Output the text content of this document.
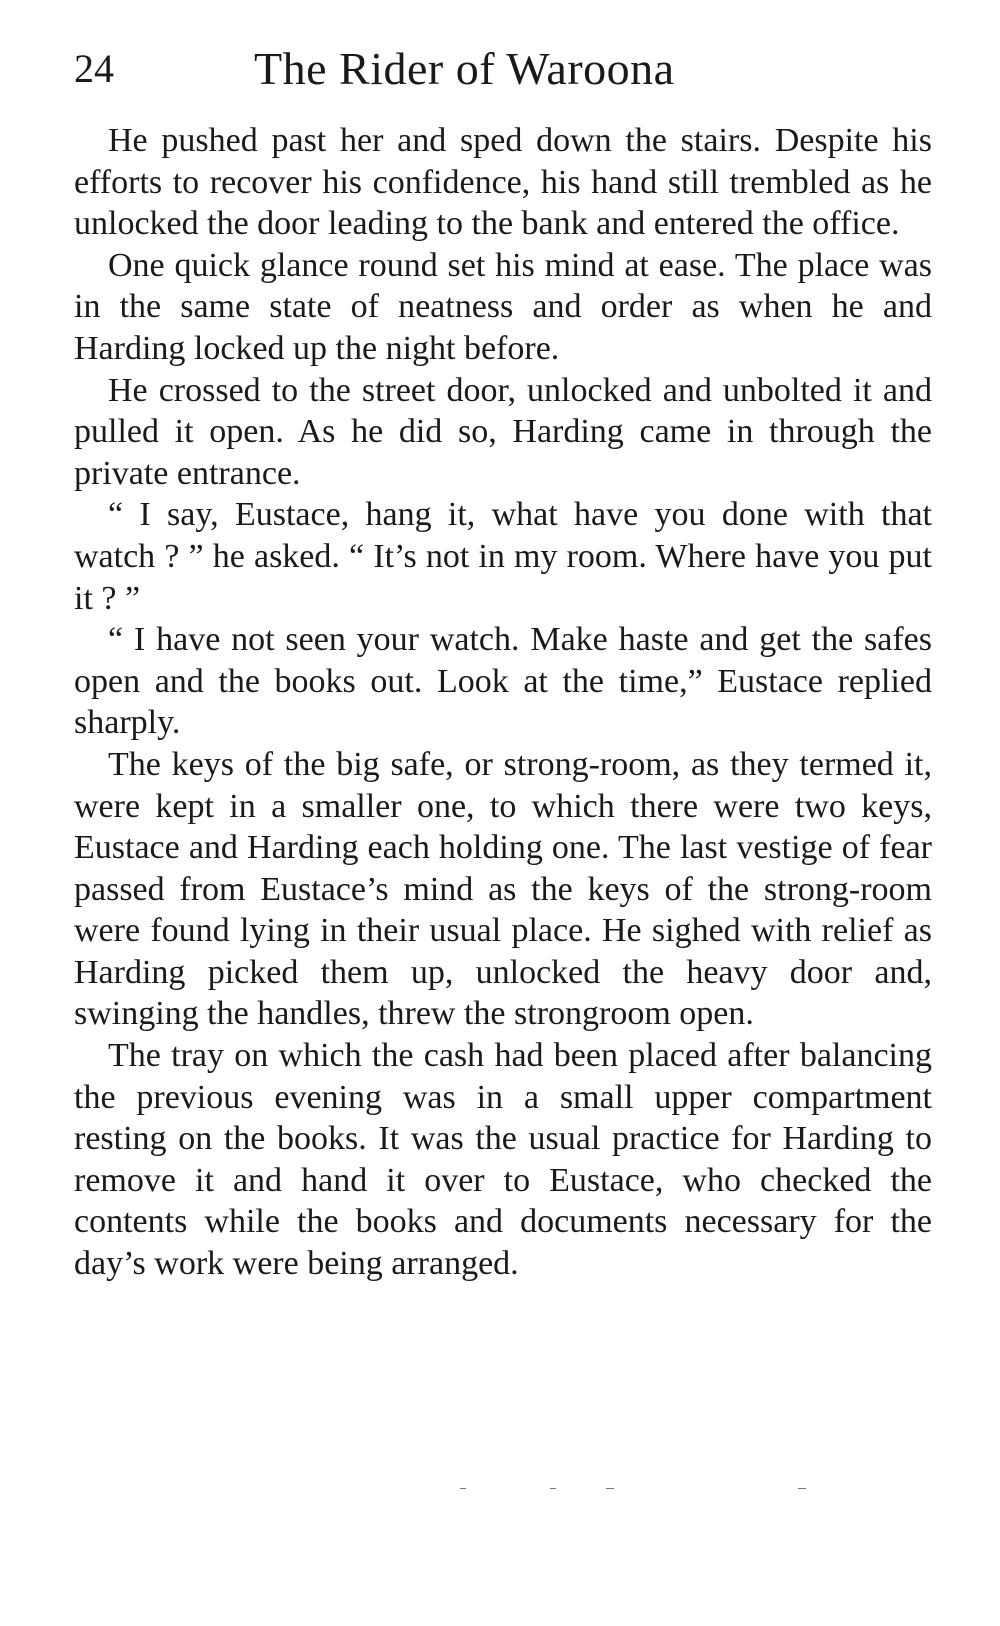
24	The Rider of Waroona

He pushed past her and sped down the stairs. Despite his efforts to recover his confidence, his hand still trembled as he unlocked the door leading to the bank and entered the office.

One quick glance round set his mind at ease. The place was in the same state of neatness and order as when he and Harding locked up the night before.

He crossed to the street door, unlocked and unbolted it and pulled it open. As he did so, Harding came in through the private entrance.

“ I say, Eustace, hang it, what have you done with that watch ? ” he asked. “ It’s not in my room. Where have you put it ? ”

“ I have not seen your watch. Make haste and get the safes open and the books out. Look at the time,” Eustace replied sharply.

The keys of the big safe, or strong-room, as they termed it, were kept in a smaller one, to which there were two keys, Eustace and Harding each holding one. The last vestige of fear passed from Eustace’s mind as the keys of the strong-room were found lying in their usual place. He sighed with relief as Harding picked them up, unlocked the heavy door and, swinging the handles, threw the strongroom open.

The tray on which the cash had been placed after balancing the previous evening was in a small upper compartment resting on the books. It was the usual practice for Harding to remove it and hand it over to Eustace, who checked the contents while the books and documents necessary for the day’s work were being arranged.
